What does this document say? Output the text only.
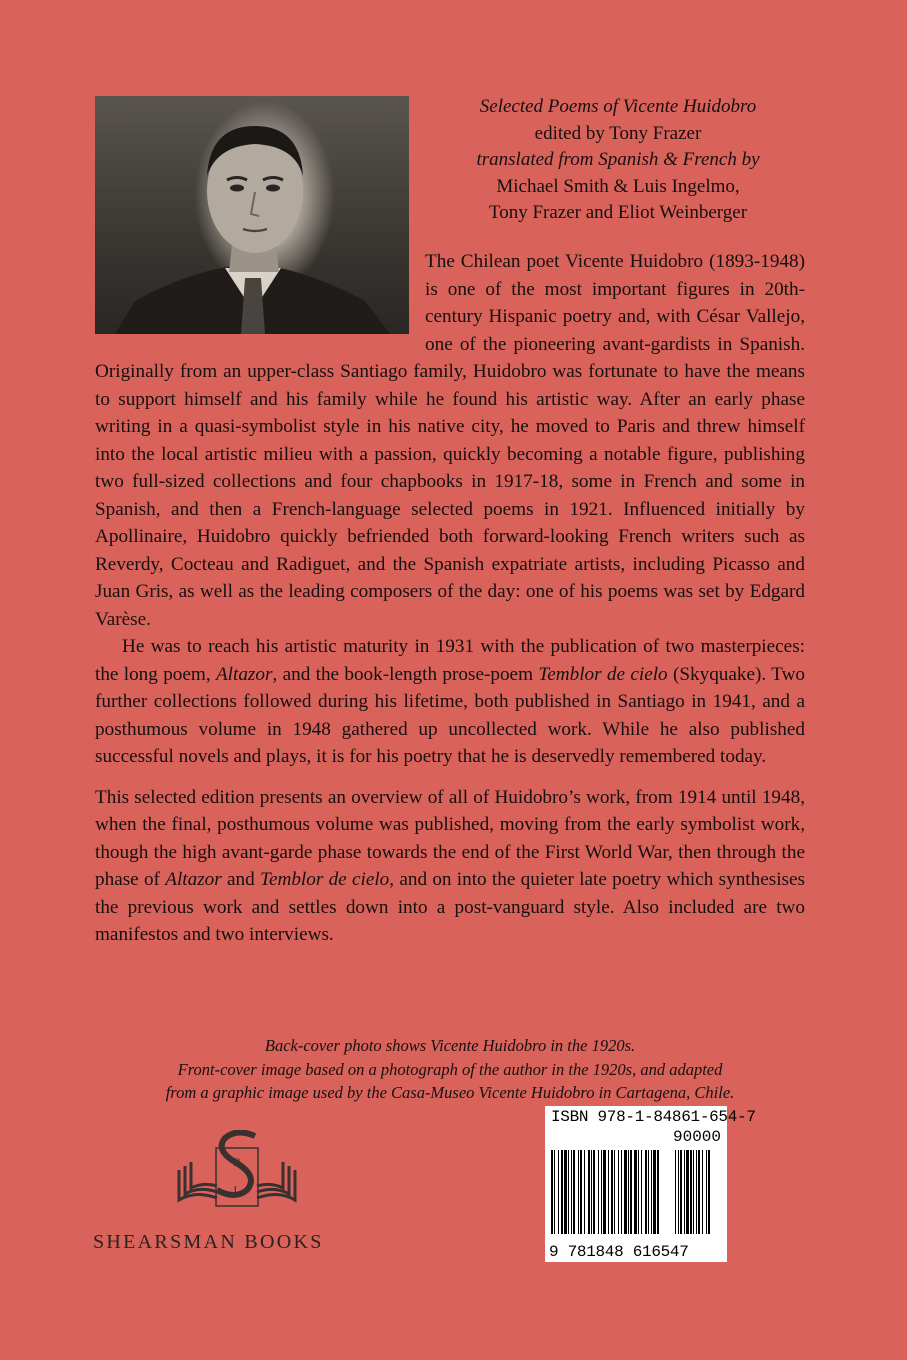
Selected Poems of Vicente Huidobro
edited by Tony Frazer
translated from Spanish & French by
Michael Smith & Luis Ingelmo,
Tony Frazer and Eliot Weinberger

The Chilean poet Vicente Huidobro (1893-1948) is one of the most important figures in 20th-century Hispanic poetry and, with César Vallejo, one of the pioneering avant-gardists in Spanish. Originally from an upper-class Santiago family, Huidobro was fortunate to have the means to support himself and his family while he found his artistic way. After an early phase writing in a quasi-symbolist style in his native city, he moved to Paris and threw himself into the local artistic milieu with a passion, quickly becoming a notable figure, publishing two full-sized collections and four chapbooks in 1917-18, some in French and some in Spanish, and then a French-language selected poems in 1921. Influenced initially by Apollinaire, Huidobro quickly befriended both forward-looking French writers such as Reverdy, Cocteau and Radiguet, and the Spanish expatriate artists, including Picasso and Juan Gris, as well as the leading composers of the day: one of his poems was set by Edgard Varèse.

He was to reach his artistic maturity in 1931 with the publication of two masterpieces: the long poem, Altazor, and the book-length prose-poem Temblor de cielo (Skyquake). Two further collections followed during his lifetime, both published in Santiago in 1941, and a posthumous volume in 1948 gathered up uncollected work. While he also published successful novels and plays, it is for his poetry that he is deservedly remembered today.

This selected edition presents an overview of all of Huidobro’s work, from 1914 until 1948, when the final, posthumous volume was published, moving from the early symbolist work, though the high avant-garde phase towards the end of the First World War, then through the phase of Altazor and Temblor de cielo, and on into the quieter late poetry which synthesises the previous work and settles down into a post-vanguard style. Also included are two manifestos and two interviews.

Back-cover photo shows Vicente Huidobro in the 1920s.
Front-cover image based on a photograph of the author in the 1920s, and adapted
from a graphic image used by the Casa-Museo Vicente Huidobro in Cartagena, Chile.
B
L
SHEARSMAN BOOKS
ISBN 978-1-84861-654-7
90000
9 781848 616547
